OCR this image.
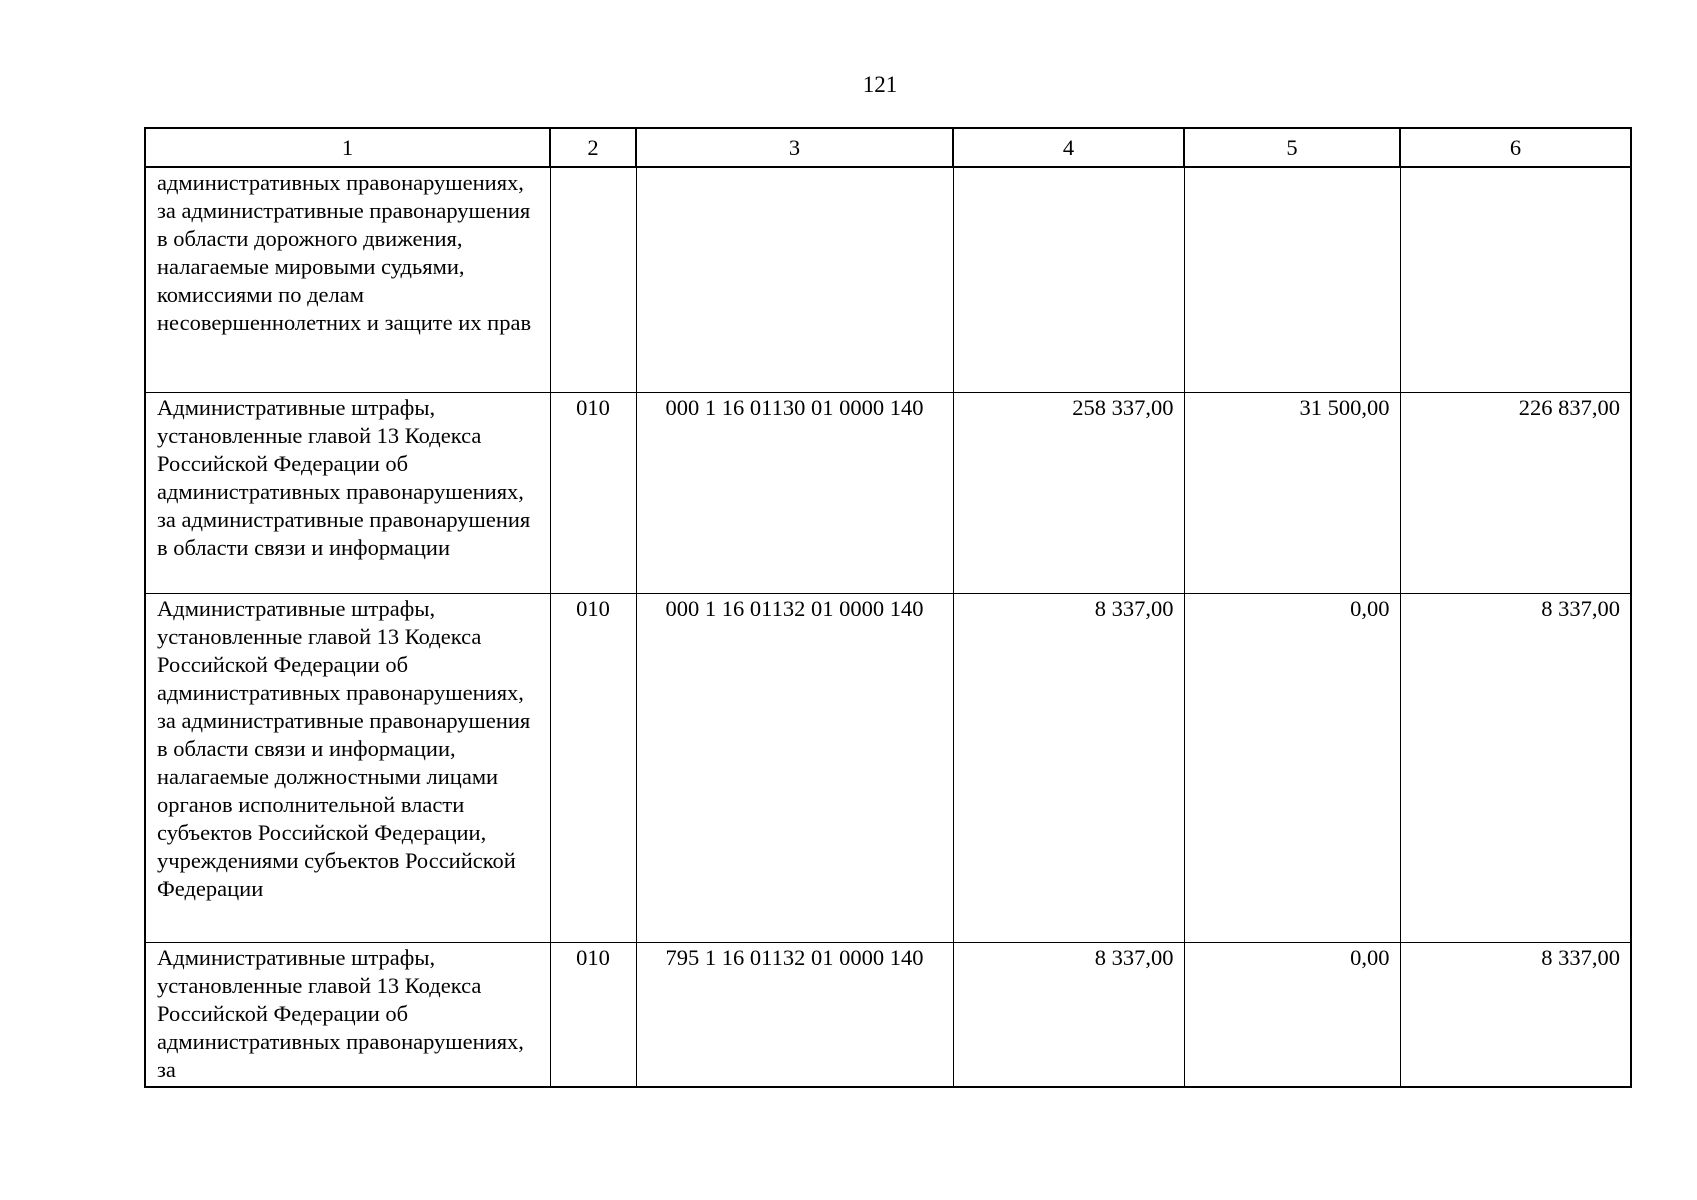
121
1	2	3	4	5	6
административных правонарушениях, за административные правонарушения в области дорожного движения, налагаемые мировыми судьями, комиссиями по делам несовершеннолетних и защите их прав					
Административные штрафы, установленные главой 13 Кодекса Российской Федерации об административных правонарушениях, за административные правонарушения в области связи и информации	010	000 1 16 01130 01 0000 140	258 337,00	31 500,00	226 837,00
Административные штрафы, установленные главой 13 Кодекса Российской Федерации об административных правонарушениях, за административные правонарушения в области связи и информации, налагаемые должностными лицами органов исполнительной власти субъектов Российской Федерации, учреждениями субъектов Российской Федерации	010	000 1 16 01132 01 0000 140	8 337,00	0,00	8 337,00
Административные штрафы, установленные главой 13 Кодекса Российской Федерации об административных правонарушениях, за	010	795 1 16 01132 01 0000 140	8 337,00	0,00	8 337,00
